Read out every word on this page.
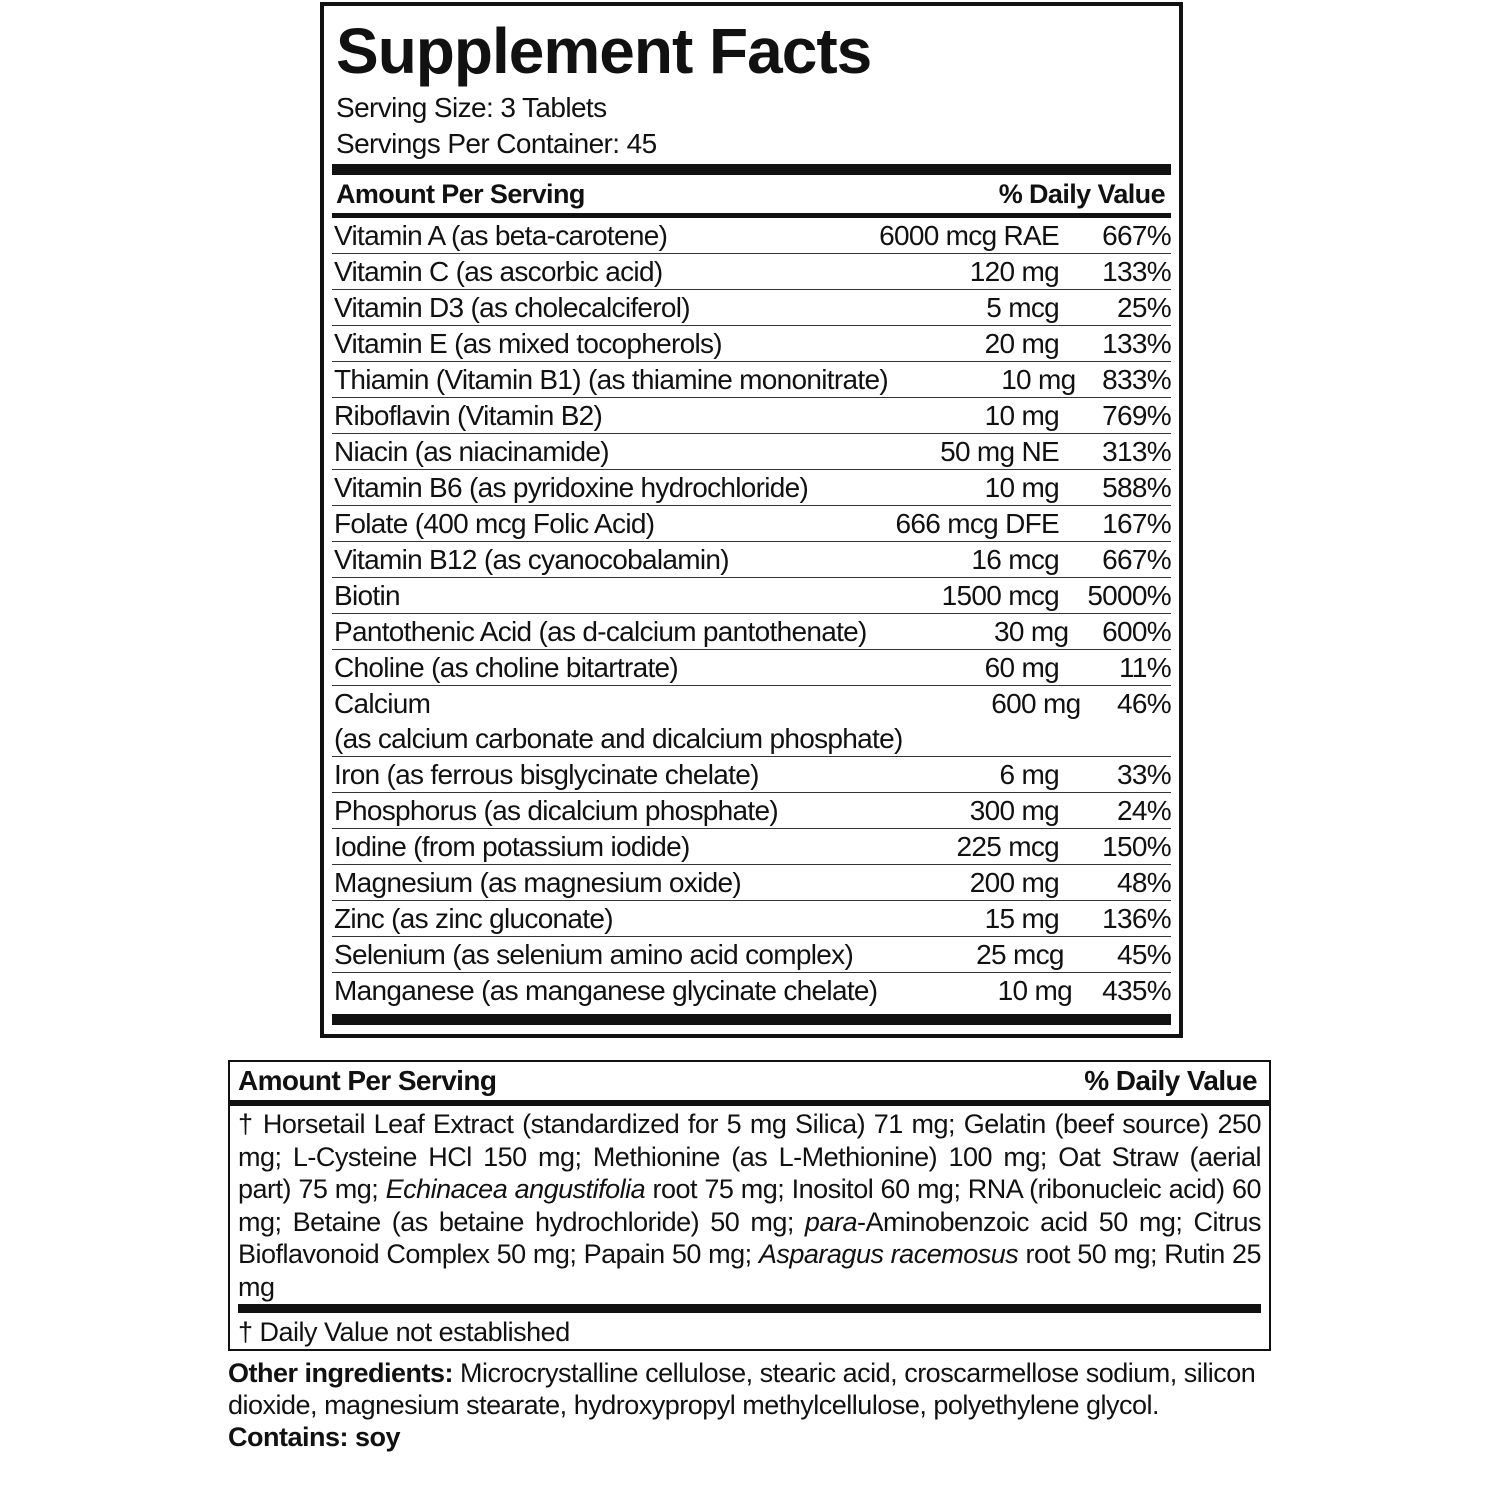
Supplement Facts
Serving Size: 3 Tablets
Servings Per Container: 45
Amount Per Serving	% Daily Value
Vitamin A (as beta-carotene)	6000 mcg RAE	667%
Vitamin C (as ascorbic acid)	120 mg	133%
Vitamin D3 (as cholecalciferol)	5 mcg	25%
Vitamin E (as mixed tocopherols)	20 mg	133%
Thiamin (Vitamin B1) (as thiamine mononitrate)	10 mg 833%
Riboflavin (Vitamin B2)	10 mg	769%
Niacin (as niacinamide)	50 mg NE	313%
Vitamin B6 (as pyridoxine hydrochloride)	10 mg	588%
Folate (400 mcg Folic Acid)	666 mcg DFE	167%
Vitamin B12 (as cyanocobalamin)	16 mcg	667%
Biotin	1500 mcg	5000%
Pantothenic Acid (as d-calcium pantothenate)	30 mg	600%
Choline (as choline bitartrate)	60 mg	11%
Calcium
(as calcium carbonate and dicalcium phosphate)
600 mg	46%
Iron (as ferrous bisglycinate chelate)	6 mg	33%
Phosphorus (as dicalcium phosphate)	300 mg	24%
Iodine (from potassium iodide)	225 mcg	150%
Magnesium (as magnesium oxide)	200 mg	48%
Zinc (as zinc gluconate)	15 mg	136%
Selenium (as selenium amino acid complex)	25 mcg	45%
Manganese (as manganese glycinate chelate)	10 mg	435%
Amount Per Serving	% Daily Value
† Horsetail Leaf Extract (standardized for 5 mg Silica) 71 mg; Gelatin (beef source) 250 mg; L-Cysteine HCl 150 mg; Methionine (as L-Methionine) 100 mg; Oat Straw (aerial part) 75 mg; Echinacea angustifolia root 75 mg; Inositol 60 mg; RNA (ribonucleic acid) 60 mg; Betaine (as betaine hydrochloride) 50 mg; para-Aminobenzoic acid 50 mg; Citrus Bioflavonoid Complex 50 mg; Papain 50 mg; Asparagus racemosus root 50 mg; Rutin 25 mg
† Daily Value not established
Other ingredients: Microcrystalline cellulose, stearic acid, croscarmellose sodium, silicon dioxide, magnesium stearate, hydroxypropyl methylcellulose, polyethylene glycol.
Contains: soy
